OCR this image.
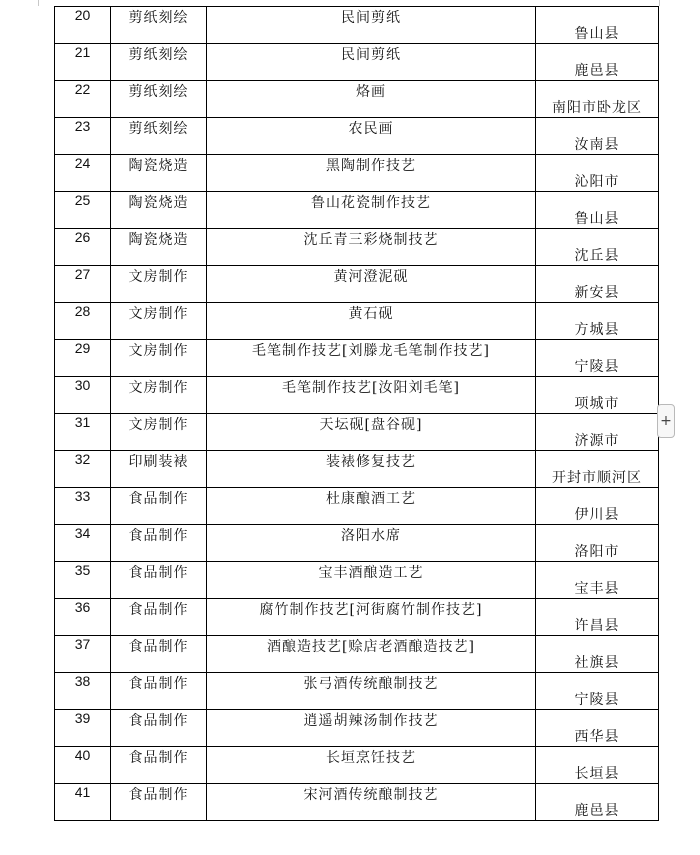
20	剪纸刻绘	民间剪纸	鲁山县
21	剪纸刻绘	民间剪纸	鹿邑县
22	剪纸刻绘	烙画	南阳市卧龙区
23	剪纸刻绘	农民画	汝南县
24	陶瓷烧造	黑陶制作技艺	沁阳市
25	陶瓷烧造	鲁山花瓷制作技艺	鲁山县
26	陶瓷烧造	沈丘青三彩烧制技艺	沈丘县
27	文房制作	黄河澄泥砚	新安县
28	文房制作	黄石砚	方城县
29	文房制作	毛笔制作技艺[刘滕龙毛笔制作技艺]	宁陵县
30	文房制作	毛笔制作技艺[汝阳刘毛笔]	项城市
31	文房制作	天坛砚[盘谷砚]	济源市
32	印刷装裱	装裱修复技艺	开封市顺河区
33	食品制作	杜康酿酒工艺	伊川县
34	食品制作	洛阳水席	洛阳市
35	食品制作	宝丰酒酿造工艺	宝丰县
36	食品制作	腐竹制作技艺[河街腐竹制作技艺]	许昌县
37	食品制作	酒酿造技艺[赊店老酒酿造技艺]	社旗县
38	食品制作	张弓酒传统酿制技艺	宁陵县
39	食品制作	逍遥胡辣汤制作技艺	西华县
40	食品制作	长垣烹饪技艺	长垣县
41	食品制作	宋河酒传统酿制技艺	鹿邑县
+
